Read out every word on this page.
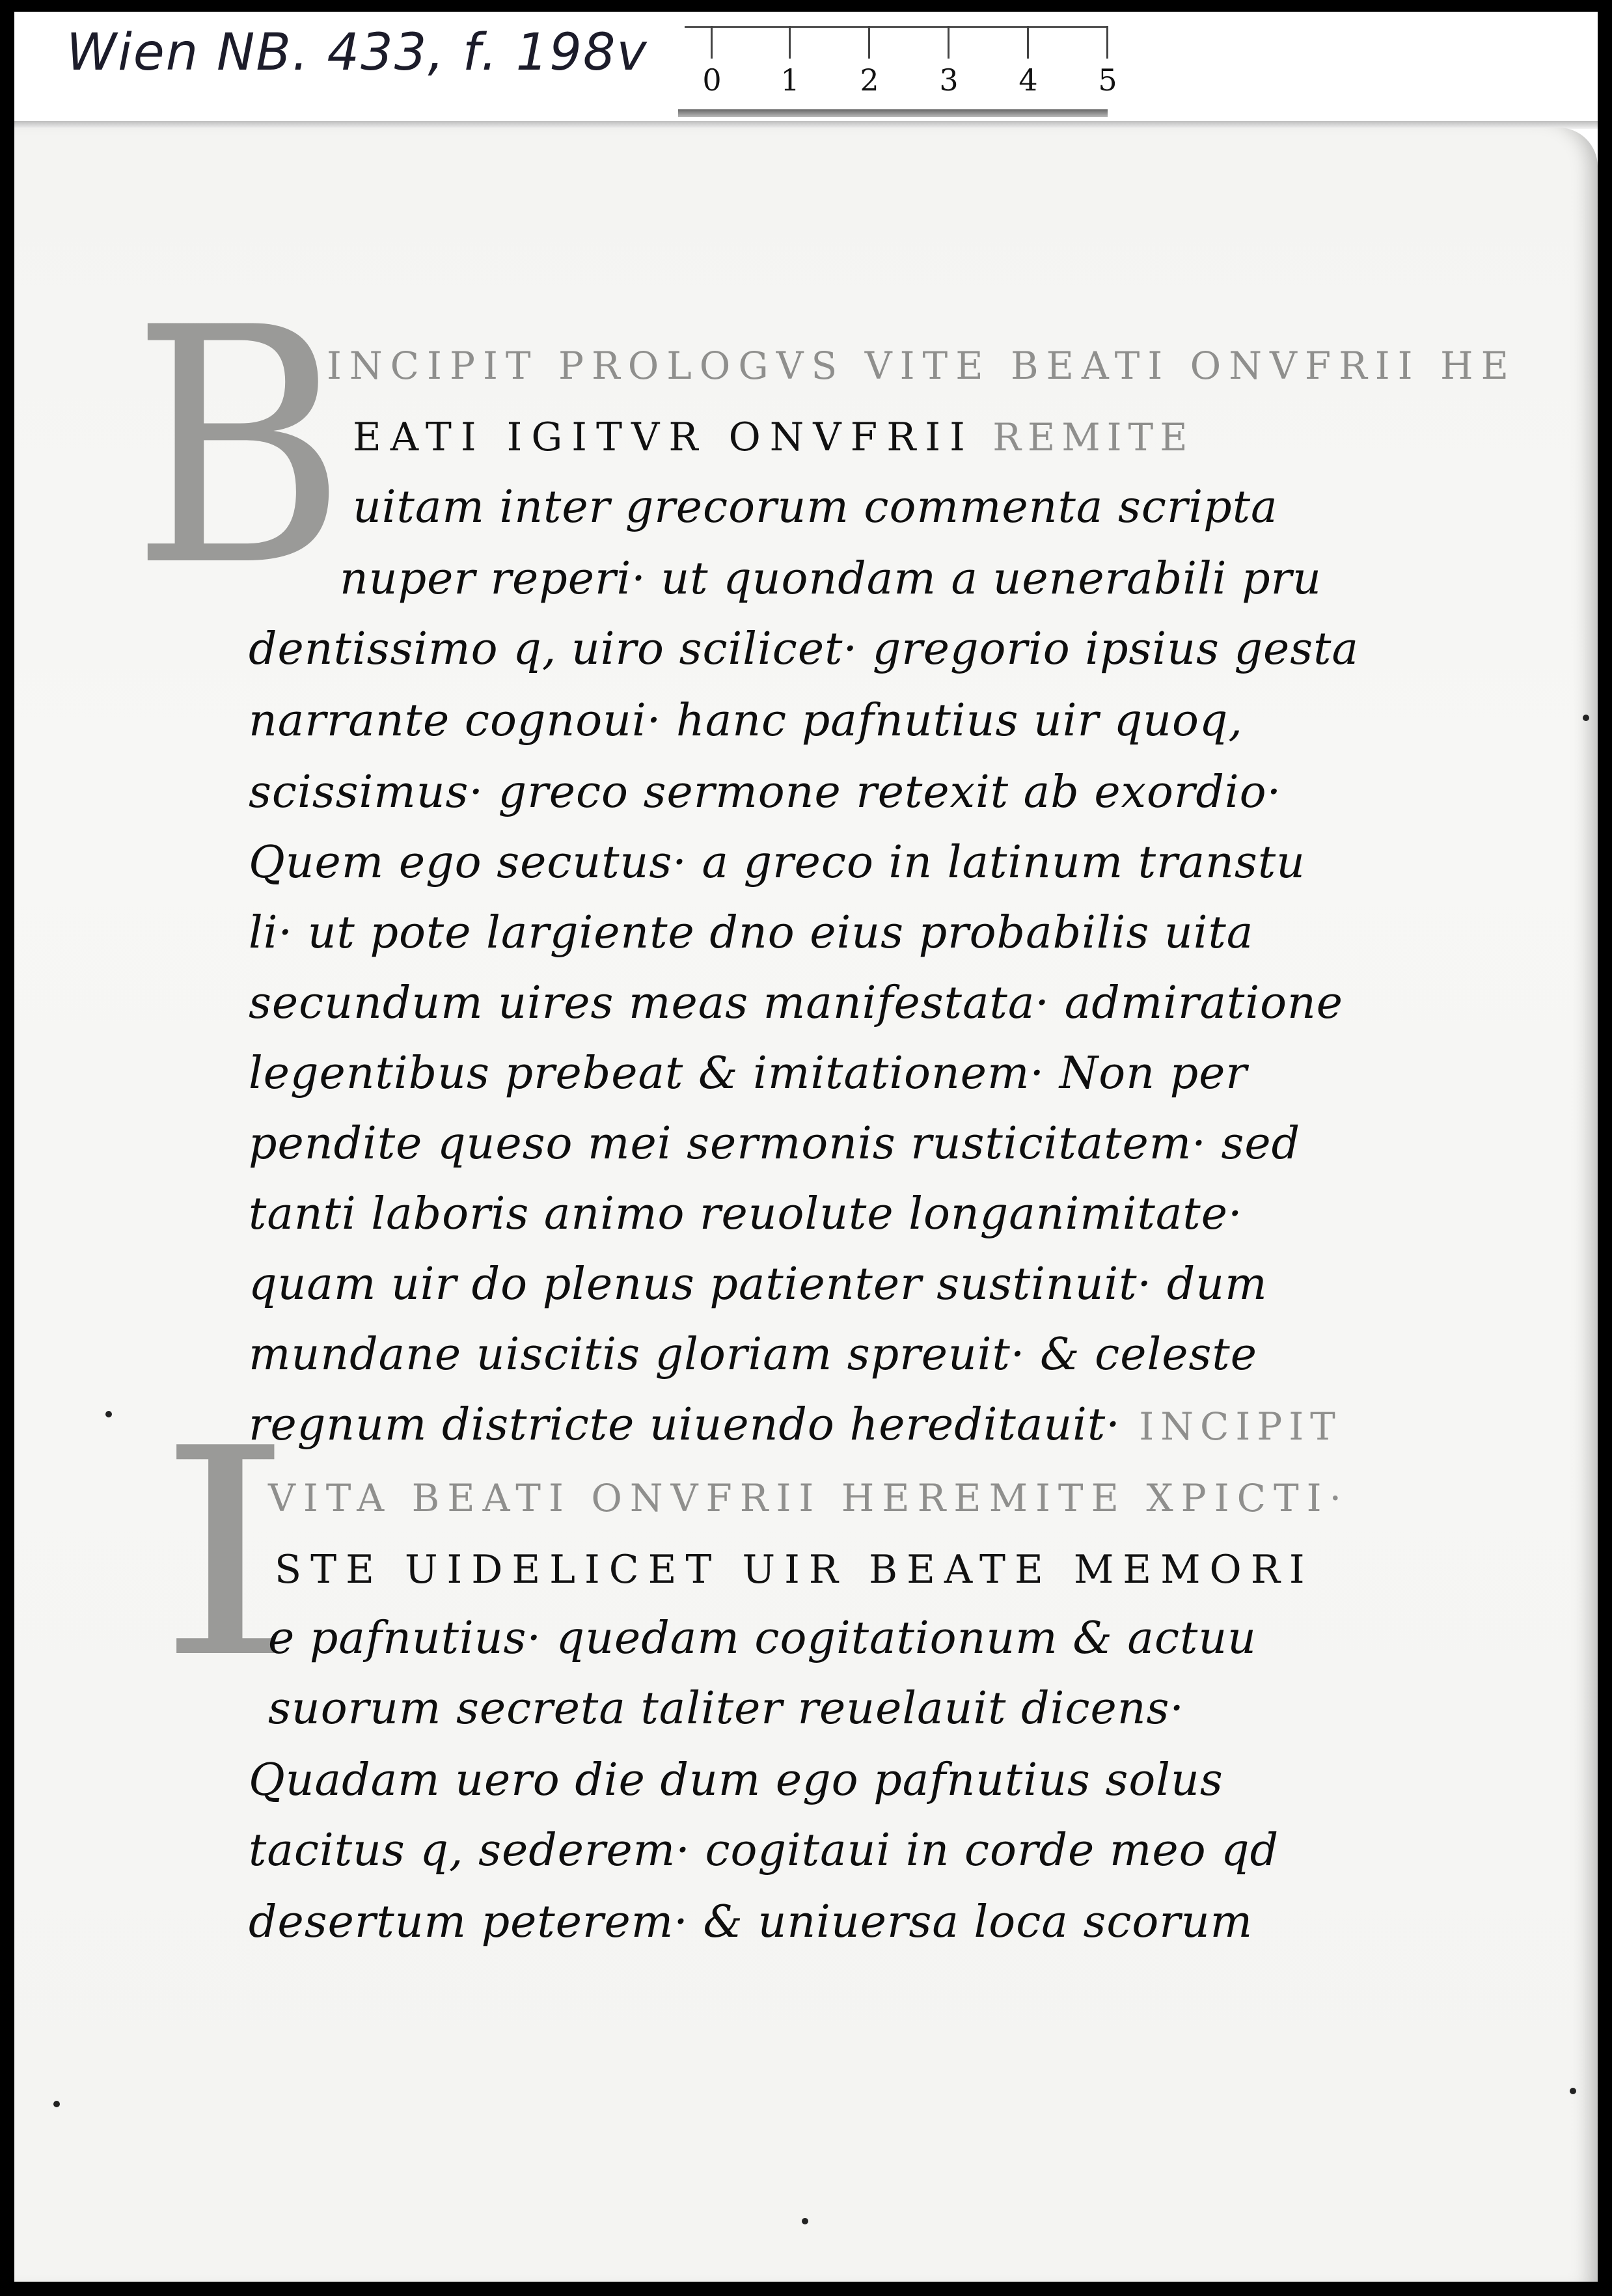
Wien NB. 433, f. 198v	0	1	2	3	4	5
B
I
INCIPIT PROLOGVS VITE BEATI ONVFRII HE
EATI IGITVR ONVFRII REMITE
uitam inter grecorum commenta scripta
nuper reperi· ut quondam a uenerabili pru
dentissimo q, uiro scilicet· gregorio ipsius gesta
narrante cognoui· hanc pafnutius uir quoq,
scissimus· greco sermone retexit ab exordio·
Quem ego secutus· a greco in latinum transtu
li· ut pote largiente dno eius probabilis uita
secundum uires meas manifestata· admiratione
legentibus prebeat & imitationem· Non per
pendite queso mei sermonis rusticitatem· sed
tanti laboris animo reuolute longanimitate·
quam uir do plenus patienter sustinuit· dum
mundane uiscitis gloriam spreuit· & celeste
regnum districte uiuendo hereditauit· INCIPIT
VITA BEATI ONVFRII HEREMITE XPICTI·
STE UIDELICET UIR BEATE MEMORI
e pafnutius· quedam cogitationum & actuu
suorum secreta taliter reuelauit dicens·
Quadam uero die dum ego pafnutius solus
tacitus q, sederem· cogitaui in corde meo qd
desertum peterem· & uniuersa loca scorum
